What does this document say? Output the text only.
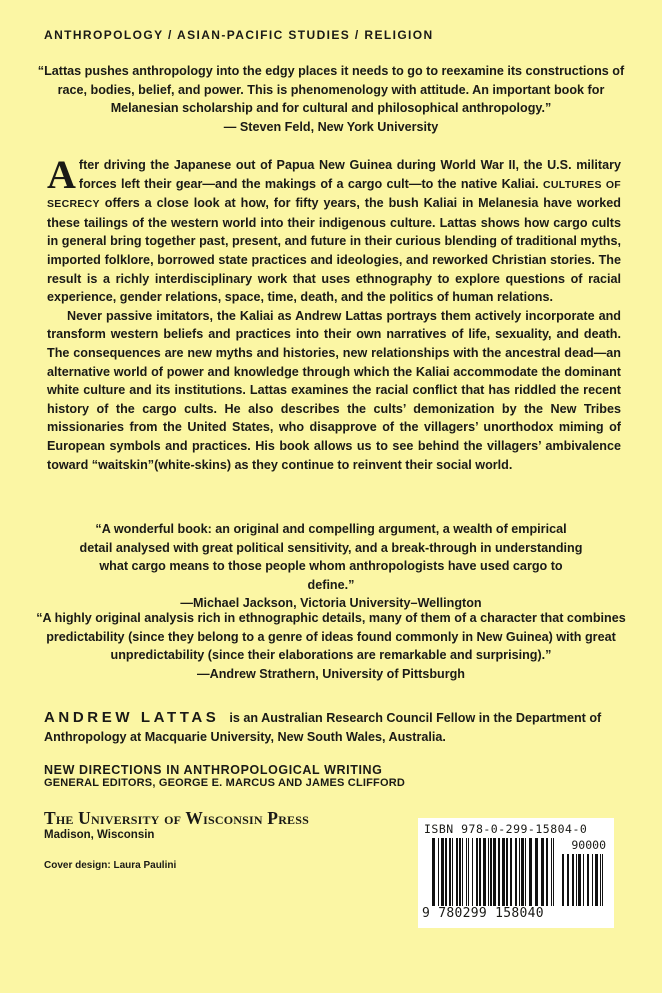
ANTHROPOLOGY / ASIAN-PACIFIC STUDIES / RELIGION

“Lattas pushes anthropology into the edgy places it needs to go to reexamine its constructions of race, bodies, belief, and power. This is phenomenology with attitude. An important book for Melanesian scholarship and for cultural and philosophical anthropology.”

— Steven Feld, New York University

After driving the Japanese out of Papua New Guinea during World War II, the U.S. military forces left their gear—and the makings of a cargo cult—to the native Kaliai. CULTURES OF SECRECY offers a close look at how, for fifty years, the bush Kaliai in Melanesia have worked these tailings of the western world into their indigenous culture. Lattas shows how cargo cults in general bring together past, present, and future in their curious blending of traditional myths, imported folklore, borrowed state practices and ideologies, and reworked Christian stories. The result is a richly interdisciplinary work that uses ethnography to explore questions of racial experience, gender relations, space, time, death, and the politics of human relations.

Never passive imitators, the Kaliai as Andrew Lattas portrays them actively incorporate and transform western beliefs and practices into their own narratives of life, sexuality, and death. The consequences are new myths and histories, new relationships with the ancestral dead—an alternative world of power and knowledge through which the Kaliai accommodate the dominant white culture and its institutions. Lattas examines the racial conflict that has riddled the recent history of the cargo cults. He also describes the cults’ demonization by the New Tribes missionaries from the United States, who disapprove of the villagers’ unorthodox miming of European symbols and practices. His book allows us to see behind the villagers’ ambivalence toward “waitskin”(white-skins) as they continue to reinvent their social world.

“A wonderful book: an original and compelling argument, a wealth of empirical detail analysed with great political sensitivity, and a break-through in understanding what cargo means to those people whom anthropologists have used cargo to define.”

—Michael Jackson, Victoria University–Wellington

“A highly original analysis rich in ethnographic details, many of them of a character that combines predictability (since they belong to a genre of ideas found commonly in New Guinea) with great unpredictability (since their elaborations are remarkable and surprising).”

—Andrew Strathern, University of Pittsburgh

ANDREW LATTAS is an Australian Research Council Fellow in the Department of Anthropology at Macquarie University, New South Wales, Australia.
NEW DIRECTIONS IN ANTHROPOLOGICAL WRITING
GENERAL EDITORS, GEORGE E. MARCUS AND JAMES CLIFFORD
The University of Wisconsin Press
Madison, Wisconsin
Cover design: Laura Paulini
ISBN 978-0-299-15804-0
90000
9 780299 158040
